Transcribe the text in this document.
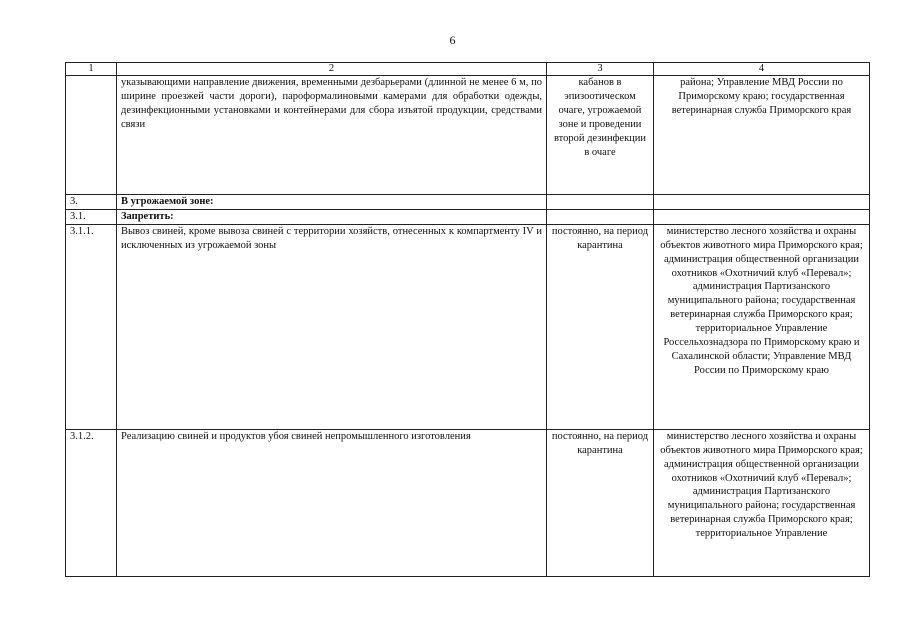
6
1	2	3	4
	указывающими направление движения, временными дезбарьерами (длинной не менее 6 м, по ширине проезжей части дороги), пароформалиновыми камерами для обработки одежды, дезинфекционными установками и контейнерами для сбора изъятой продукции, средствами связи	кабанов в эпизоотическом очаге, угрожаемой зоне и проведении второй дезинфекции в очаге	района; Управление МВД России по Приморскому краю; государственная ветеринарная служба Приморского края
3.	В угрожаемой зоне:		
3.1.	Запретить:		
3.1.1.	Вывоз свиней, кроме вывоза свиней с территории хозяйств, отнесенных к компартменту IV и исключенных из угрожаемой зоны	постоянно, на период карантина	министерство лесного хозяйства и охраны объектов животного мира Приморского края; администрация общественной организации охотников «Охотничий клуб «Перевал»; администрация Партизанского муниципального района; государственная ветеринарная служба Приморского края; территориальное Управление Россельхознадзора по Приморскому краю и Сахалинской области; Управление МВД России по Приморскому краю
3.1.2.	Реализацию свиней и продуктов убоя свиней непромышленного изготовления	постоянно, на период карантина	министерство лесного хозяйства и охраны объектов животного мира Приморского края; администрация общественной организации охотников «Охотничий клуб «Перевал»; администрация Партизанского муниципального района; государственная ветеринарная служба Приморского края; территориальное Управление
